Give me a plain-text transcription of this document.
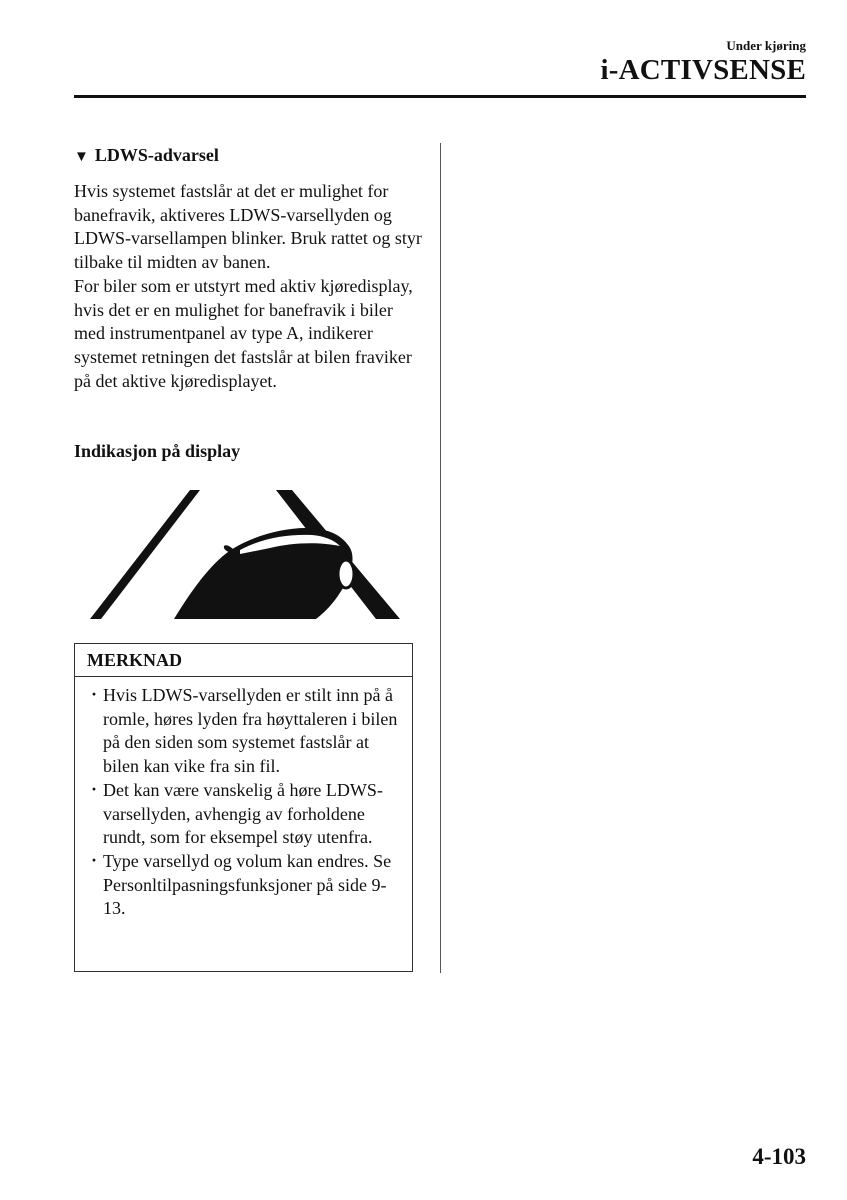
Under kjøring
i-ACTIVSENSE
▼ LDWS-advarsel

Hvis systemet fastslår at det er mulighet for banefravik, aktiveres LDWS-varsellyden og LDWS-varsellampen blinker. Bruk rattet og styr tilbake til midten av banen.

For biler som er utstyrt med aktiv kjøredisplay, hvis det er en mulighet for banefravik i biler med instrumentpanel av type A, indikerer systemet retningen det fastslår at bilen fraviker på det aktive kjøredisplayet.

Indikasjon på display
MERKNAD
· Hvis LDWS-varsellyden er stilt inn på å romle, høres lyden fra høyttaleren i bilen på den siden som systemet fastslår at bilen kan vike fra sin fil.
· Det kan være vanskelig å høre LDWS-varsellyden, avhengig av forholdene rundt, som for eksempel støy utenfra.
· Type varsellyd og volum kan endres. Se Personltilpasningsfunksjoner på side 9-13.
4-103
